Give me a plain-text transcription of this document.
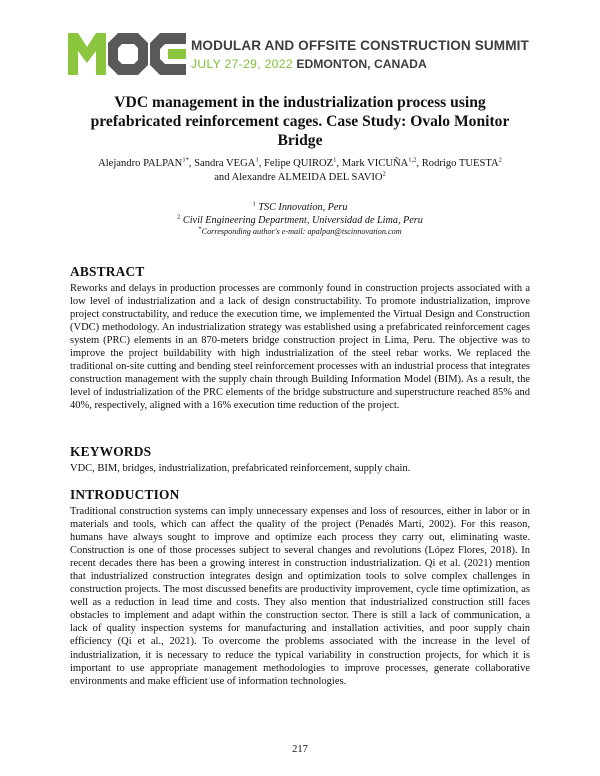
MODULAR AND OFFSITE CONSTRUCTION SUMMIT
JULY 27-29, 2022 EDMONTON, CANADA
VDC management in the industrialization process using prefabricated reinforcement cages. Case Study: Ovalo Monitor Bridge
Alejandro $PALPAN^{1*}$, Sandra VEGA$^1$, Felipe QUIROZ$^1$, Mark VICUÑA$^{1,2}$, Rodrigo TUESTA$^2$
and Alexandre ALMEIDA DEL SAVIO$^2$
$^1$ TSC Innovation, Peru
$^2$ Civil Engineering Department, Universidad de Lima, Peru
*Corresponding author's e-mail: apalpan@tscinnovation.com
ABSTRACT

Reworks and delays in production processes are commonly found in construction projects associated with a low level of industrialization and a lack of design constructability. To promote industrialization, improve project constructability, and reduce the execution time, we implemented the Virtual Design and Construction (VDC) methodology. An industrialization strategy was established using a prefabricated reinforcement cages system (PRC) elements in an 870-meters bridge construction project in Lima, Peru. The objective was to improve the project buildability with high industrialization of the steel rebar works. We replaced the traditional on-site cutting and bending steel reinforcement processes with an industrial process that integrates construction management with the supply chain through Building Information Model (BIM). As a result, the level of industrialization of the PRC elements of the bridge substructure and superstructure reached 85% and 40%, respectively, aligned with a 16% execution time reduction of the project.

KEYWORDS

VDC, BIM, bridges, industrialization, prefabricated reinforcement, supply chain.

INTRODUCTION

Traditional construction systems can imply unnecessary expenses and loss of resources, either in labor or in materials and tools, which can affect the quality of the project (Penadés Martí, 2002). For this reason, humans have always sought to improve and optimize each process they carry out, eliminating waste. Construction is one of those processes subject to several changes and revolutions (López Flores, 2018). In recent decades there has been a growing interest in construction industrialization. Qi et al. (2021) mention that industrialized construction integrates design and optimization tools to solve complex challenges in construction projects. The most discussed benefits are productivity improvement, cycle time optimization, as well as a reduction in lead time and costs. They also mention that industrialized construction still faces obstacles to implement and adapt within the construction sector. There is still a lack of communication, a lack of quality inspection systems for manufacturing and installation activities, and poor supply chain efficiency (Qi et al., 2021). To overcome the problems associated with the increase in the level of industrialization, it is necessary to reduce the typical variability in construction projects, for which it is important to use appropriate management methodologies to improve processes, generate collaborative environments and make efficient use of information technologies.

217
